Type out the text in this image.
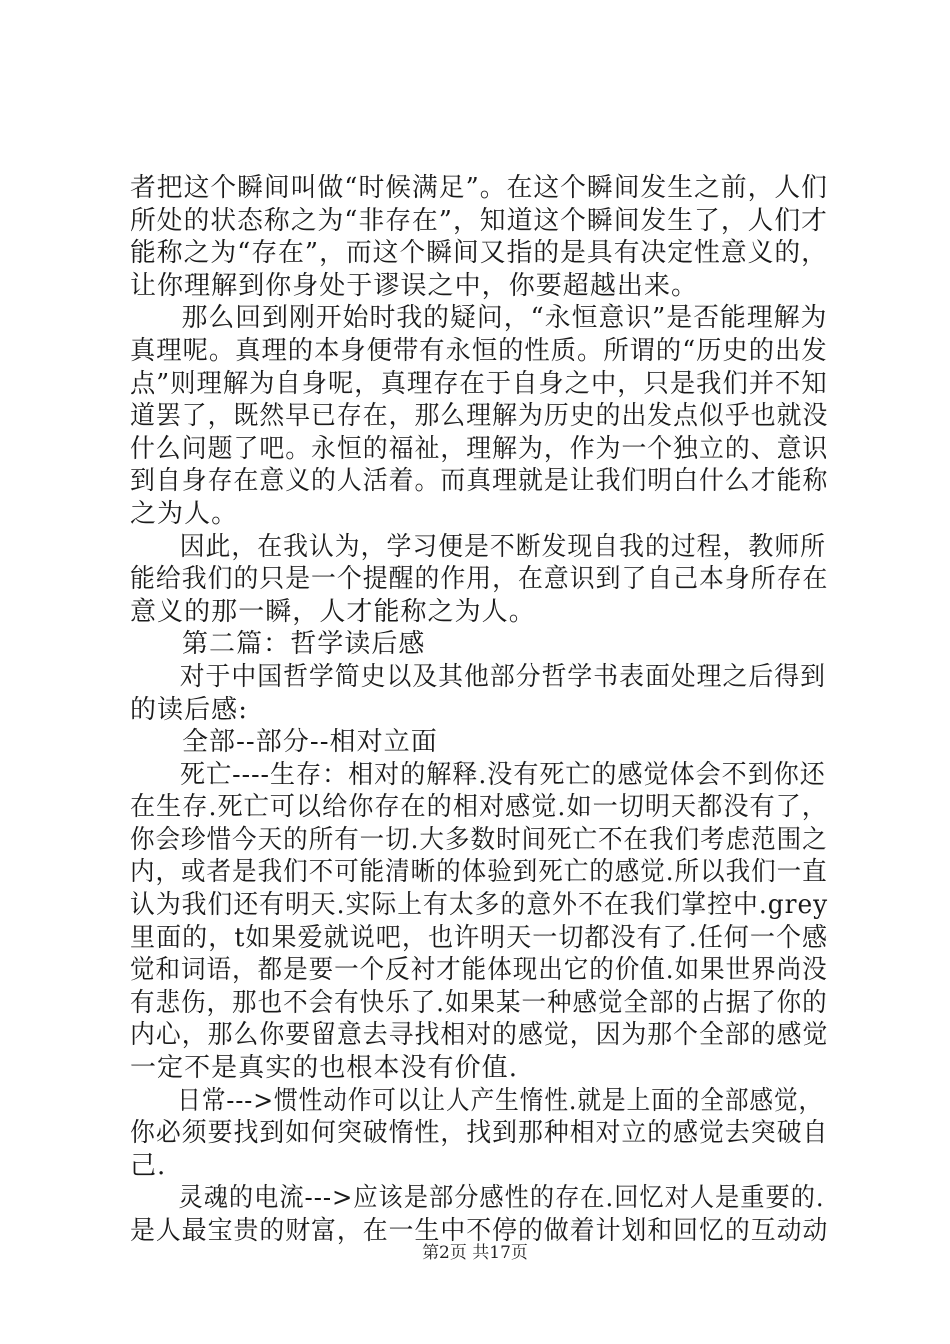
者把这个瞬间叫做“时候满足”。在这个瞬间发生之前，人们
所处的状态称之为“非存在”，知道这个瞬间发生了，人们才
能称之为“存在”，而这个瞬间又指的是具有决定性意义的，
让你理解到你身处于谬误之中，你要超越出来。
那么回到刚开始时我的疑问，“永恒意识”是否能理解为
真理呢。真理的本身便带有永恒的性质。所谓的“历史的出发
点”则理解为自身呢，真理存在于自身之中，只是我们并不知
道罢了，既然早已存在，那么理解为历史的出发点似乎也就没
什么问题了吧。永恒的福祉，理解为，作为一个独立的、意识
到自身存在意义的人活着。而真理就是让我们明白什么才能称
之为人。
因此，在我认为，学习便是不断发现自我的过程，教师所
能给我们的只是一个提醒的作用，在意识到了自己本身所存在
意义的那一瞬，人才能称之为人。
第二篇：哲学读后感
对于中国哲学简史以及其他部分哲学书表面处理之后得到
的读后感:
全部--部分--相对立面
死亡----生存：相对的解释.没有死亡的感觉体会不到你还
在生存.死亡可以给你存在的相对感觉.如一切明天都没有了，
你会珍惜今天的所有一切.大多数时间死亡不在我们考虑范围之
内，或者是我们不可能清晰的体验到死亡的感觉.所以我们一直
认为我们还有明天.实际上有太多的意外不在我们掌控中.grey
里面的，t如果爱就说吧，也许明天一切都没有了.任何一个感
觉和词语，都是要一个反衬才能体现出它的价值.如果世界尚没
有悲伤，那也不会有快乐了.如果某一种感觉全部的占据了你的
内心，那么你要留意去寻找相对的感觉，因为那个全部的感觉
一定不是真实的也根本没有价值.
日常--->惯性动作可以让人产生惰性.就是上面的全部感觉，
你必须要找到如何突破惰性，找到那种相对立的感觉去突破自
己.
灵魂的电流--->应该是部分感性的存在.回忆对人是重要的.
是人最宝贵的财富，在一生中不停的做着计划和回忆的互动动
第2页 共17页
